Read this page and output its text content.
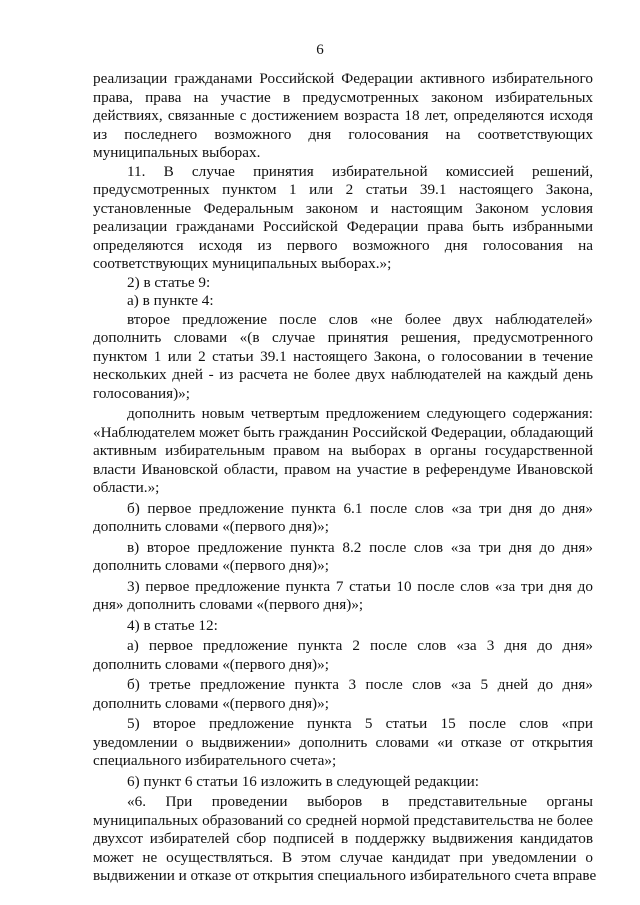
6
реализации гражданами Российской Федерации активного избирательного
права, права на участие в предусмотренных законом избирательных
действиях, связанные с достижением возраста 18 лет, определяются исходя
из последнего возможного дня голосования на соответствующих
муниципальных выборах.
11. В случае принятия избирательной комиссией решений,
предусмотренных пунктом 1 или 2 статьи 39.1 настоящего Закона,
установленные Федеральным законом и настоящим Законом условия
реализации гражданами Российской Федерации права быть избранными
определяются исходя из первого возможного дня голосования на
соответствующих муниципальных выборах.»;
2) в статье 9:
а) в пункте 4:
второе предложение после слов «не более двух наблюдателей»
дополнить словами «(в случае принятия решения, предусмотренного
пунктом 1 или 2 статьи 39.1 настоящего Закона, о голосовании в течение
нескольких дней - из расчета не более двух наблюдателей на каждый день
голосования)»;
дополнить новым четвертым предложением следующего содержания:
«Наблюдателем может быть гражданин Российской Федерации, обладающий
активным избирательным правом на выборах в органы государственной
власти Ивановской области, правом на участие в референдуме Ивановской
области.»;
б) первое предложение пункта 6.1 после слов «за три дня до дня»
дополнить словами «(первого дня)»;
в) второе предложение пункта 8.2 после слов «за три дня до дня»
дополнить словами «(первого дня)»;
3) первое предложение пункта 7 статьи 10 после слов «за три дня до
дня» дополнить словами «(первого дня)»;
4) в статье 12:
а) первое предложение пункта 2 после слов «за 3 дня до дня»
дополнить словами «(первого дня)»;
б) третье предложение пункта 3 после слов «за 5 дней до дня»
дополнить словами «(первого дня)»;
5) второе предложение пункта 5 статьи 15 после слов «при
уведомлении о выдвижении» дополнить словами «и отказе от открытия
специального избирательного счета»;
6) пункт 6 статьи 16 изложить в следующей редакции:
«6. При проведении выборов в представительные органы
муниципальных образований со средней нормой представительства не более
двухсот избирателей сбор подписей в поддержку выдвижения кандидатов
может не осуществляться. В этом случае кандидат при уведомлении о
выдвижении и отказе от открытия специального избирательного счета вправе
